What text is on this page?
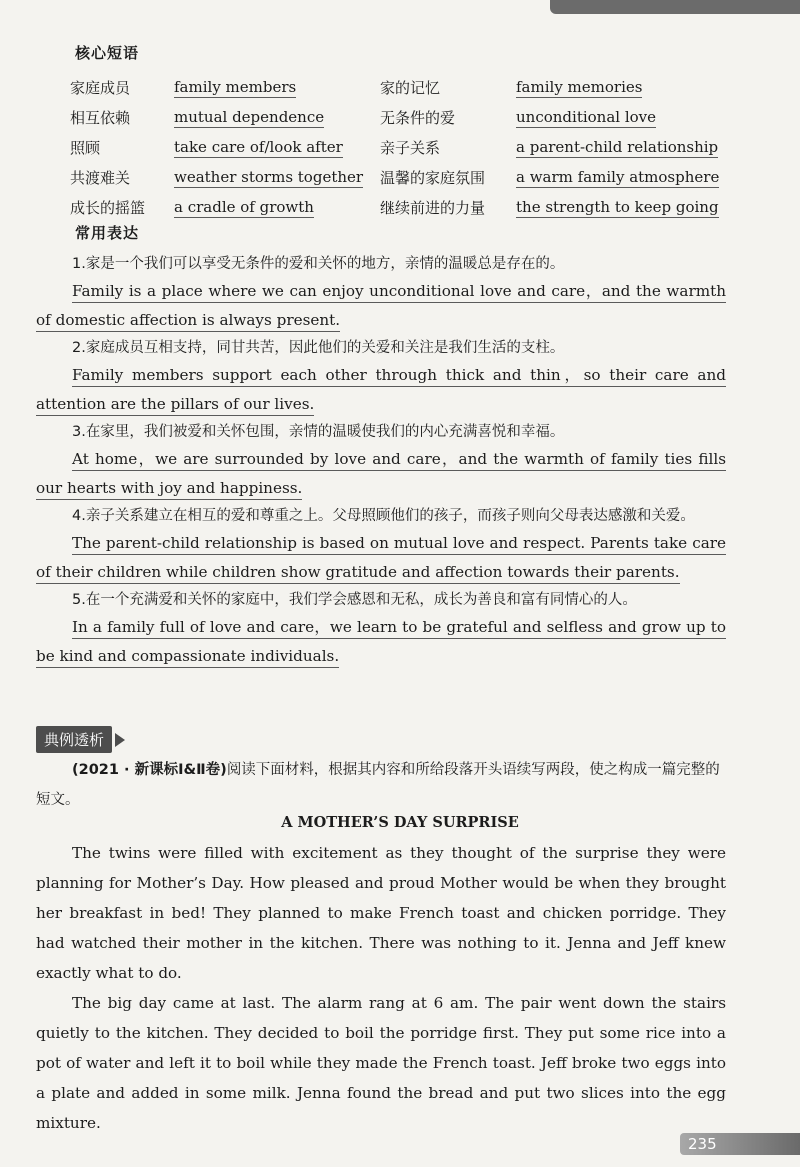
核心短语
家庭成员	family members	家的记忆	family memories
相互依赖	mutual dependence	无条件的爱	unconditional love
照顾	take care of/look after 亲子关系	a parent-child relationship
共渡难关	weather storms together 温馨的家庭氛围	a warm family atmosphere
成长的摇篮	a cradle of growth	继续前进的力量	the strength to keep going
常用表达
1.家是一个我们可以享受无条件的爱和关怀的地方，亲情的温暖总是存在的。
Family is a place where we can enjoy unconditional love and care，and the warmth of domestic affection is always present.
2.家庭成员互相支持，同甘共苦，因此他们的关爱和关注是我们生活的支柱。
Family members support each other through thick and thin，so their care and attention are the pillars of our lives.
3.在家里，我们被爱和关怀包围，亲情的温暖使我们的内心充满喜悦和幸福。
At home，we are surrounded by love and care，and the warmth of family ties fills our hearts with joy and happiness.
4.亲子关系建立在相互的爱和尊重之上。父母照顾他们的孩子，而孩子则向父母表达感激和关爱。
The parent-child relationship is based on mutual love and respect. Parents take care of their children while children show gratitude and affection towards their parents.
5.在一个充满爱和关怀的家庭中，我们学会感恩和无私，成长为善良和富有同情心的人。
In a family full of love and care，we learn to be grateful and selfless and grow up to be kind and compassionate individuals.
典例透析
(2021 · 新课标Ⅰ&Ⅱ卷)阅读下面材料，根据其内容和所给段落开头语续写两段，使之构成一篇完整的短文。
A MOTHER’S DAY SURPRISE

The twins were filled with excitement as they thought of the surprise they were planning for Mother’s Day. How pleased and proud Mother would be when they brought her breakfast in bed! They planned to make French toast and chicken porridge. They had watched their mother in the kitchen. There was nothing to it. Jenna and Jeff knew exactly what to do.

The big day came at last. The alarm rang at 6 am. The pair went down the stairs quietly to the kitchen. They decided to boil the porridge first. They put some rice into a pot of water and left it to boil while they made the French toast. Jeff broke two eggs into a plate and added in some milk. Jenna found the bread and put two slices into the egg mixture.

235
